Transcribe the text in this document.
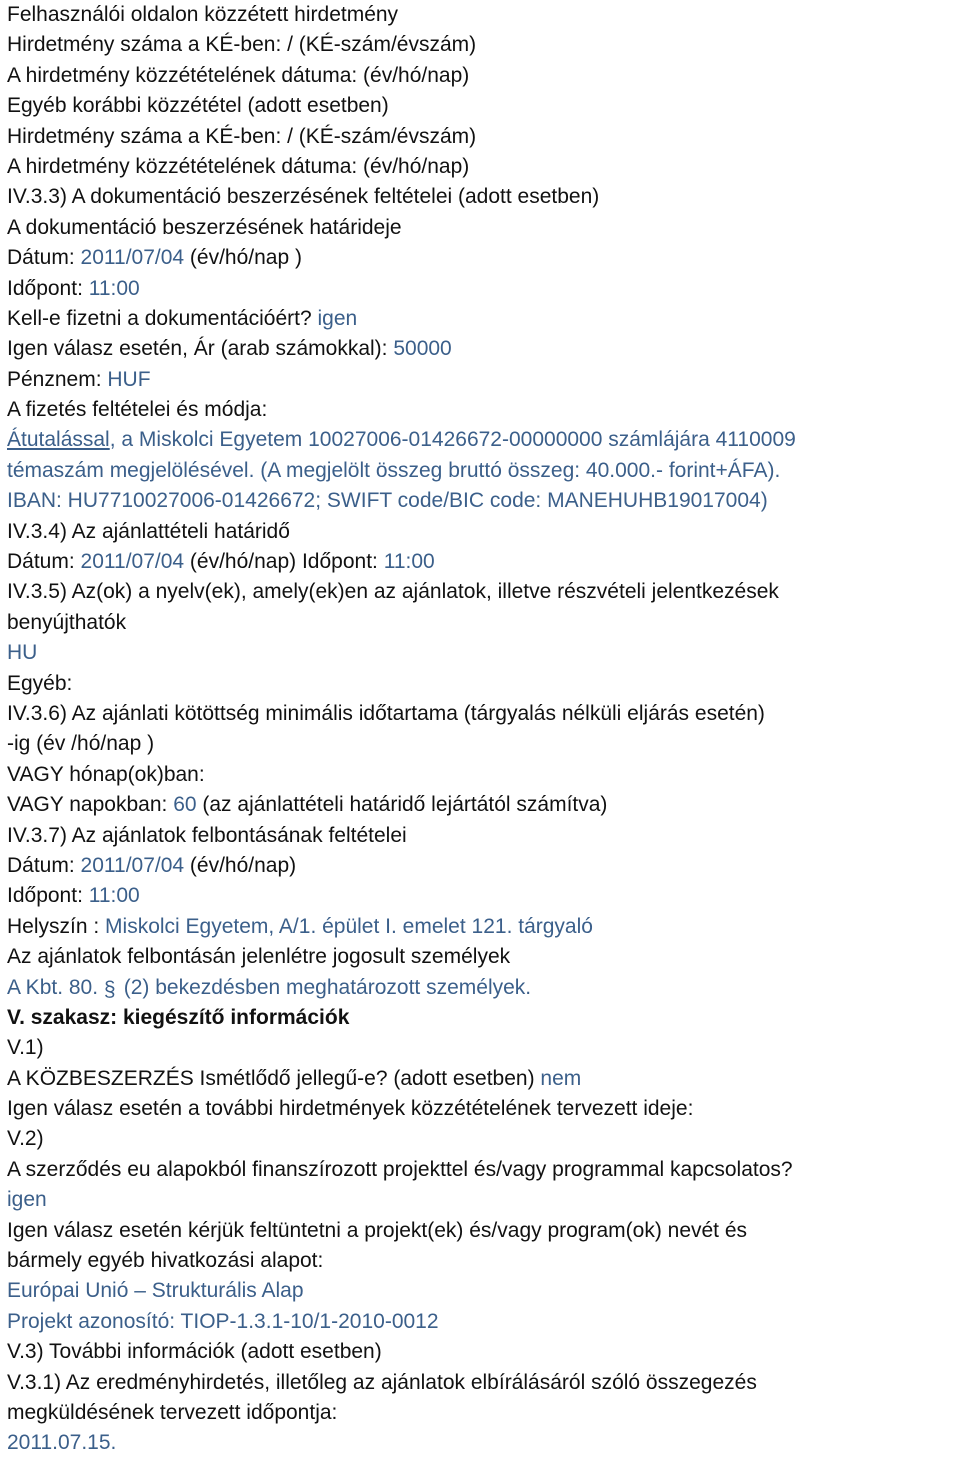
Felhasználói oldalon közzétett hirdetmény
Hirdetmény száma a KÉ-ben: / (KÉ-szám/évszám)
A hirdetmény közzétételének dátuma: (év/hó/nap)
Egyéb korábbi közzététel (adott esetben)
Hirdetmény száma a KÉ-ben: / (KÉ-szám/évszám)
A hirdetmény közzétételének dátuma: (év/hó/nap)
IV.3.3) A dokumentáció beszerzésének feltételei (adott esetben)
A dokumentáció beszerzésének határideje
Dátum: 2011/07/04 (év/hó/nap )
Időpont: 11:00
Kell-e fizetni a dokumentációért? igen
Igen válasz esetén, Ár (arab számokkal): 50000
Pénznem: HUF
A fizetés feltételei és módja:
Átutalással, a Miskolci Egyetem 10027006-01426672-00000000 számlájára 4110009
témaszám megjelölésével. (A megjelölt összeg bruttó összeg: 40.000.- forint+ÁFA).
IBAN: HU7710027006-01426672; SWIFT code/BIC code: MANEHUHB19017004)
IV.3.4) Az ajánlattételi határidő
Dátum: 2011/07/04 (év/hó/nap) Időpont: 11:00
IV.3.5) Az(ok) a nyelv(ek), amely(ek)en az ajánlatok, illetve részvételi jelentkezések
benyújthatók
HU
Egyéb:
IV.3.6) Az ajánlati kötöttség minimális időtartama (tárgyalás nélküli eljárás esetén)
-ig (év /hó/nap )
VAGY hónap(ok)ban:
VAGY napokban: 60 (az ajánlattételi határidő lejártától számítva)
IV.3.7) Az ajánlatok felbontásának feltételei
Dátum: 2011/07/04 (év/hó/nap)
Időpont: 11:00
Helyszín : Miskolci Egyetem, A/1. épület I. emelet 121. tárgyaló
Az ajánlatok felbontásán jelenlétre jogosult személyek
A Kbt. 80. § (2) bekezdésben meghatározott személyek.
V. szakasz: kiegészítő információk
V.1)
A KÖZBESZERZÉS Ismétlődő jellegű-e? (adott esetben) nem
Igen válasz esetén a további hirdetmények közzétételének tervezett ideje:
V.2)
A szerződés eu alapokból finanszírozott projekttel és/vagy programmal kapcsolatos?
igen
Igen válasz esetén kérjük feltüntetni a projekt(ek) és/vagy program(ok) nevét és
bármely egyéb hivatkozási alapot:
Európai Unió – Strukturális Alap
Projekt azonosító: TIOP-1.3.1-10/1-2010-0012
V.3) További információk (adott esetben)
V.3.1) Az eredményhirdetés, illetőleg az ajánlatok elbírálásáról szóló összegezés
megküldésének tervezett időpontja:
2011.07.15.
